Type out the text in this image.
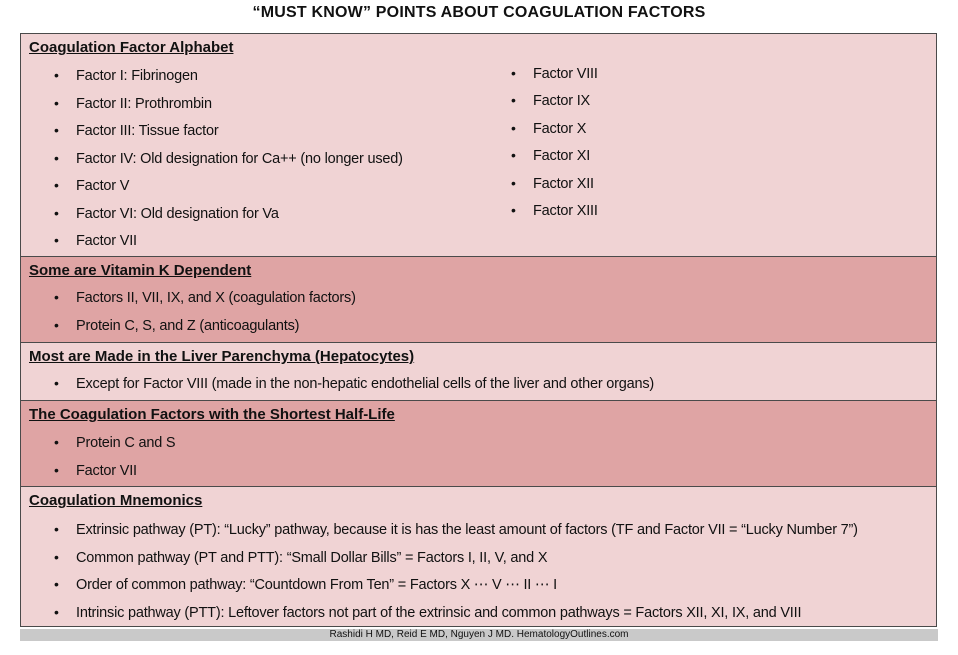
“MUST KNOW” POINTS ABOUT COAGULATION FACTORS
Coagulation Factor Alphabet
• Factor I: Fibrinogen
• Factor II: Prothrombin
• Factor III: Tissue factor
• Factor IV: Old designation for Ca++ (no longer used)
• Factor V
• Factor VI: Old designation for Va
• Factor VII
• Factor VIII
• Factor IX
• Factor X
• Factor XI
• Factor XII
• Factor XIII
Some are Vitamin K Dependent
• Factors II, VII, IX, and X (coagulation factors)
• Protein C, S, and Z (anticoagulants)
Most are Made in the Liver Parenchyma (Hepatocytes)
• Except for Factor VIII (made in the non-hepatic endothelial cells of the liver and other organs)
The Coagulation Factors with the Shortest Half-Life
• Protein C and S
• Factor VII
Coagulation Mnemonics
• Extrinsic pathway (PT): “Lucky” pathway, because it is has the least amount of factors (TF and Factor VII = “Lucky Number 7”)
• Common pathway (PT and PTT): “Small Dollar Bills” = Factors I, II, V, and X
• Order of common pathway: “Countdown From Ten” = Factors X ⋯ V ⋯ II ⋯ I
• Intrinsic pathway (PTT): Leftover factors not part of the extrinsic and common pathways = Factors XII, XI, IX, and VIII
Rashidi H MD, Reid E MD, Nguyen J MD. HematologyOutlines.com
